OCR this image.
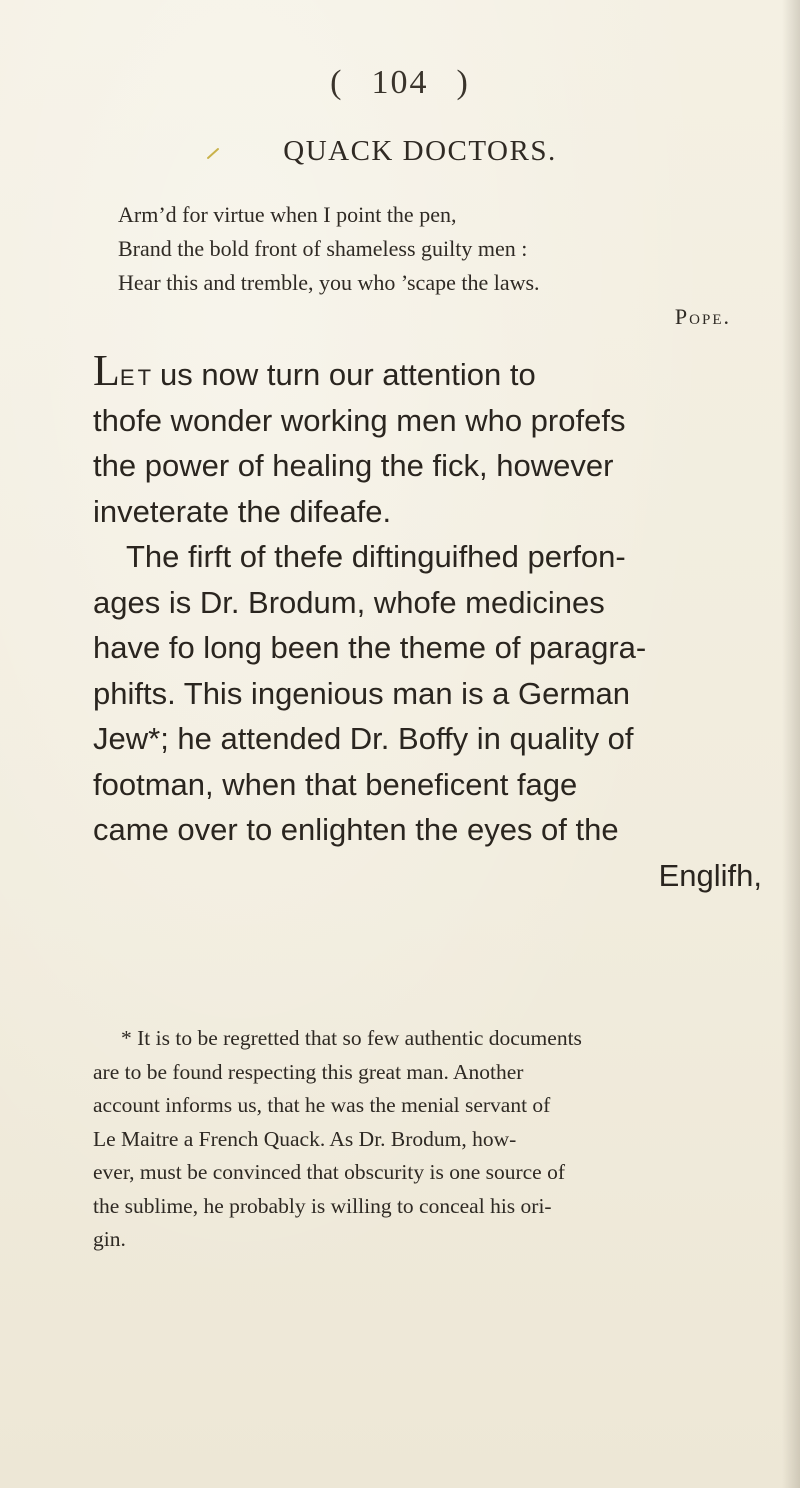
( 104 )
QUACK DOCTORS.
Arm’d for virtue when I point the pen,
Brand the bold front of shameless guilty men :
Hear this and tremble, you who ’scape the laws.
Pope.
Let us now turn our attention to
thofe wonder working men who profefs
the power of healing the fick, however
inveterate the difeafe.
The firft of thefe diftinguifhed perfon-
ages is Dr. Brodum, whofe medicines
have fo long been the theme of paragra-
phifts. This ingenious man is a German
Jew*; he attended Dr. Boffy in quality of
footman, when that beneficent fage
came over to enlighten the eyes of the
Englifh,
* It is to be regretted that so few authentic documents
are to be found respecting this great man. Another
account informs us, that he was the menial servant of
Le Maitre a French Quack. As Dr. Brodum, how-
ever, must be convinced that obscurity is one source of
the sublime, he probably is willing to conceal his ori-
gin.
